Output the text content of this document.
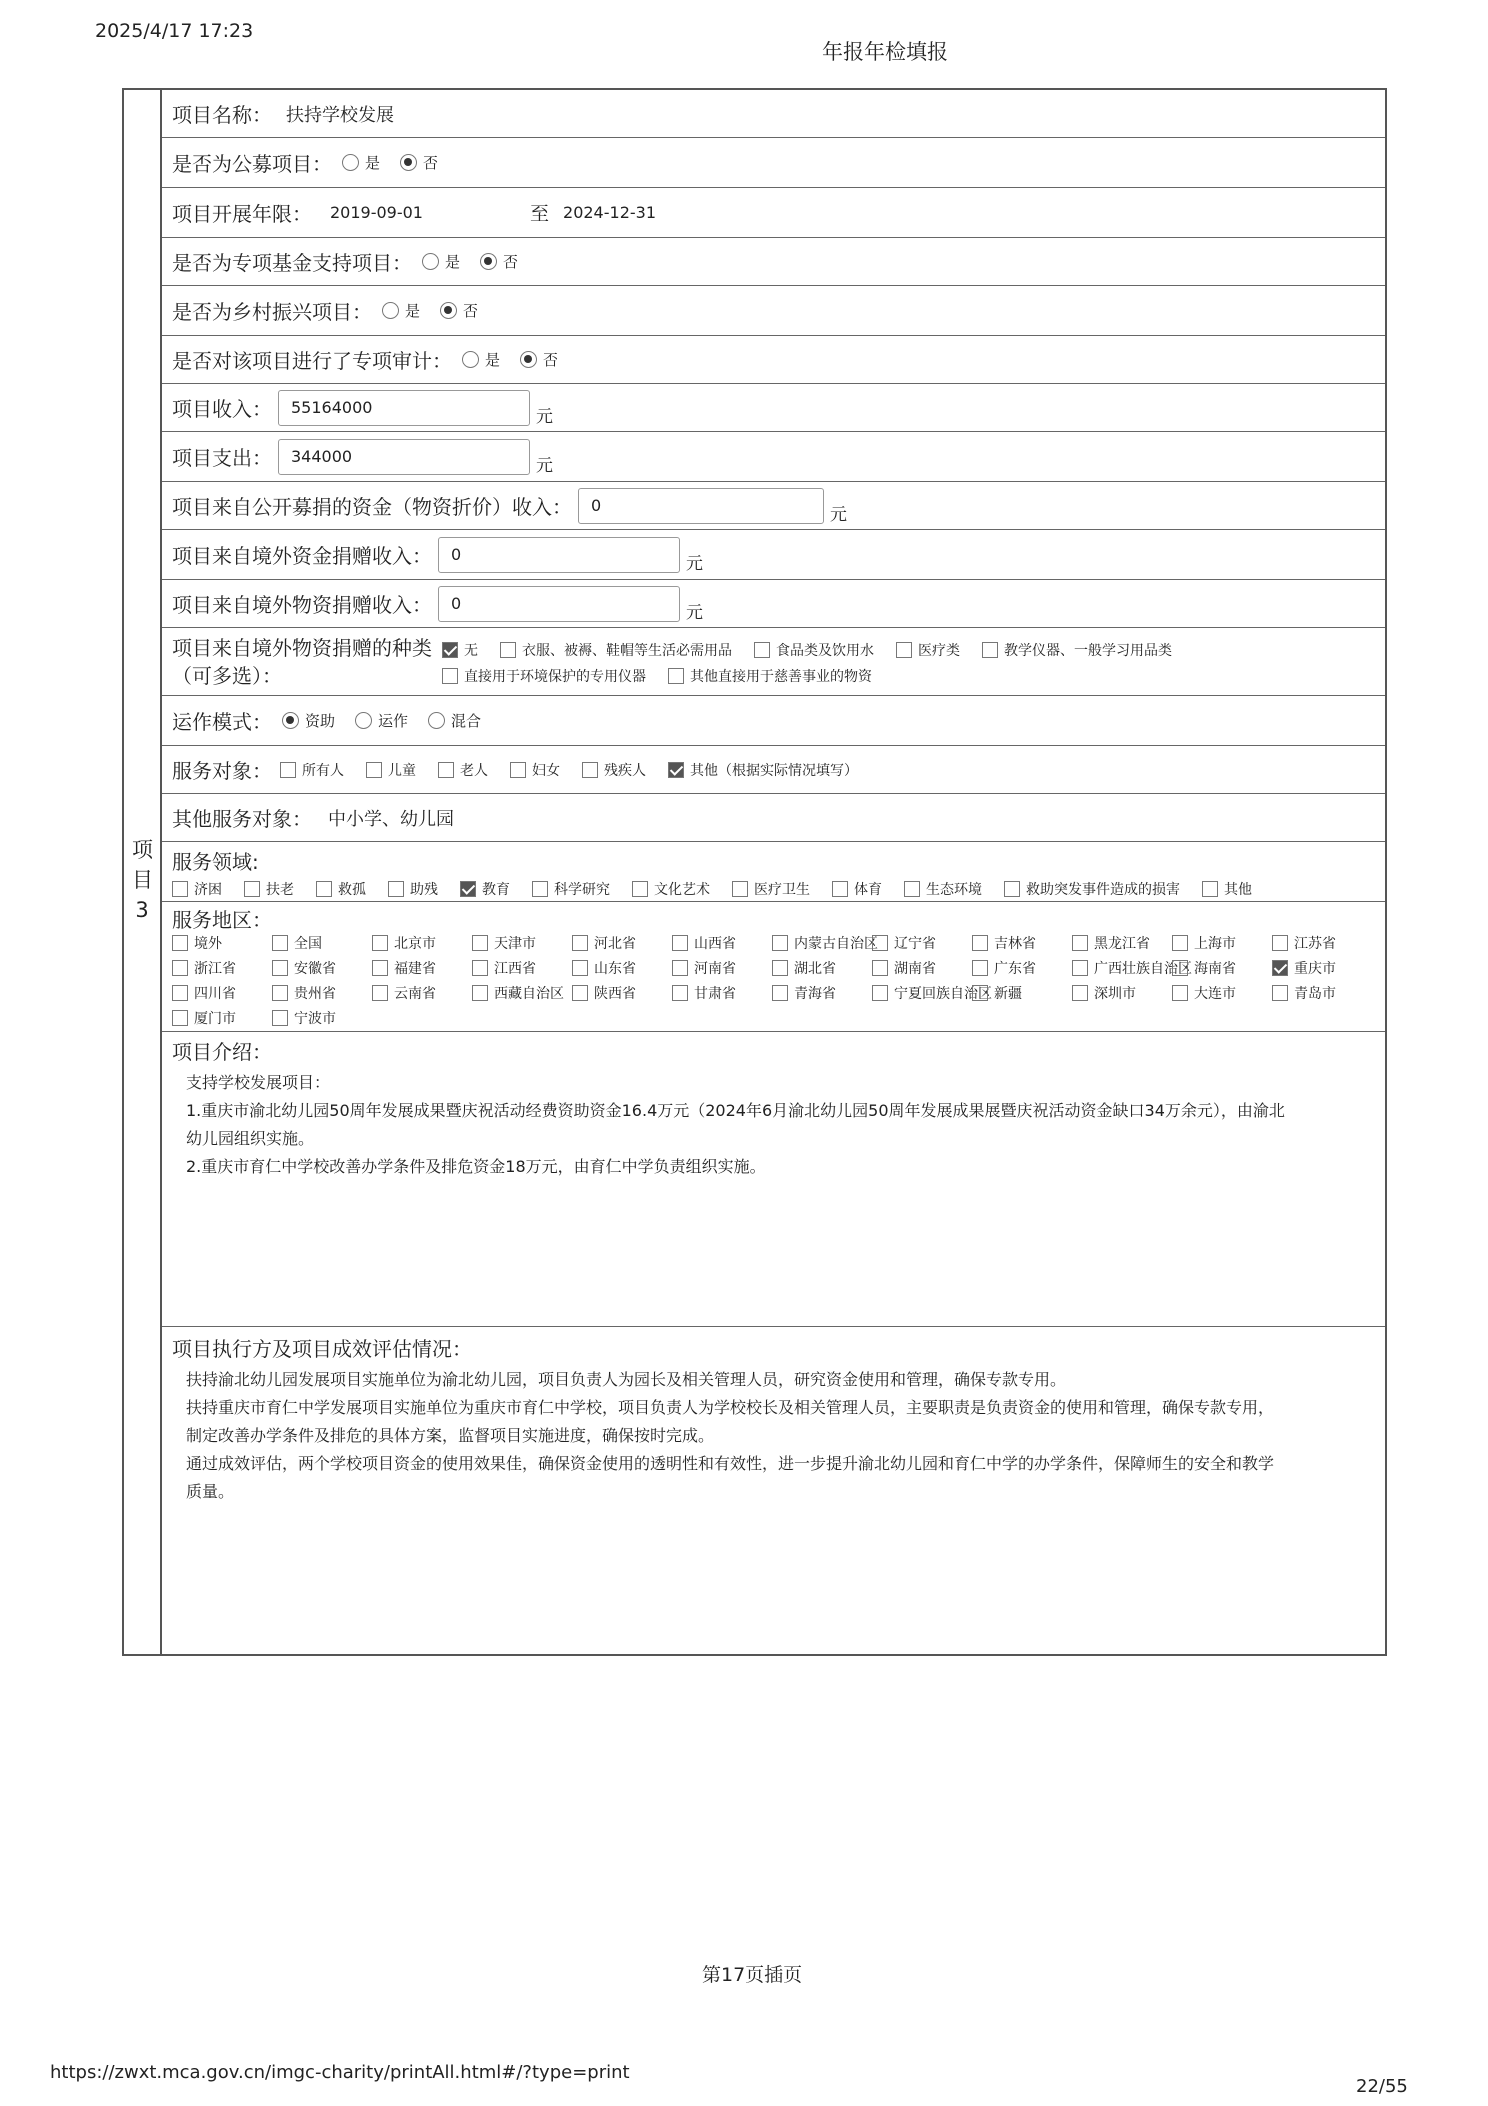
2025/4/17 17:23
年报年检填报
项
目
3
项目名称： 扶持学校发展
是否为公募项目： 是	否
项目开展年限： 2019-09-01	至 2024-12-31
是否为专项基金支持项目： 是	否
是否为乡村振兴项目： 是	否
是否对该项目进行了专项审计： 是	否
项目收入：	55164000	元
项目支出：	344000	元
项目来自公开募捐的资金（物资折价）收入：	0	元
项目来自境外资金捐赠收入：	0	元
项目来自境外物资捐赠收入：	0	元
项目来自境外物资捐赠的种类
（可多选）：
无	衣服、被褥、鞋帽等生活必需用品	食品类及饮用水	医疗类	教学仪器、一般学习用品类
直接用于环境保护的专用仪器	其他直接用于慈善事业的物资
运作模式： 资助	运作	混合
服务对象： 所有人	儿童	老人	妇女	残疾人	其他（根据实际情况填写）
其他服务对象： 中小学、幼儿园
服务领域:
济困	扶老	救孤	助残	教育	科学研究	文化艺术	医疗卫生	体育	生态环境	救助突发事件造成的损害	其他
服务地区：
境外	全国	北京市	天津市	河北省	山西省	内蒙古自治区 辽宁省	吉林省	黑龙江省	上海市	江苏省
浙江省	安徽省	福建省	江西省	山东省	河南省	湖北省	湖南省	广东省	广西壮族自治区 海南省	重庆市
四川省	贵州省	云南省	西藏自治区 陕西省	甘肃省	青海省	宁夏回族自治区 新疆	深圳市	大连市	青岛市
厦门市	宁波市
项目介绍：
支持学校发展项目：
1.重庆市渝北幼儿园50周年发展成果暨庆祝活动经费资助资金16.4万元（2024年6月渝北幼儿园50周年发展成果展暨庆祝活动资金缺口34万余元），由渝北
幼儿园组织实施。
2.重庆市育仁中学校改善办学条件及排危资金18万元，由育仁中学负责组织实施。
项目执行方及项目成效评估情况：
扶持渝北幼儿园发展项目实施单位为渝北幼儿园，项目负责人为园长及相关管理人员，研究资金使用和管理，确保专款专用。
扶持重庆市育仁中学发展项目实施单位为重庆市育仁中学校，项目负责人为学校校长及相关管理人员，主要职责是负责资金的使用和管理，确保专款专用，
制定改善办学条件及排危的具体方案，监督项目实施进度，确保按时完成。
通过成效评估，两个学校项目资金的使用效果佳，确保资金使用的透明性和有效性，进一步提升渝北幼儿园和育仁中学的办学条件，保障师生的安全和教学
质量。
第17页插页
https://zwxt.mca.gov.cn/imgc-charity/printAll.html#/?type=print
22/55
